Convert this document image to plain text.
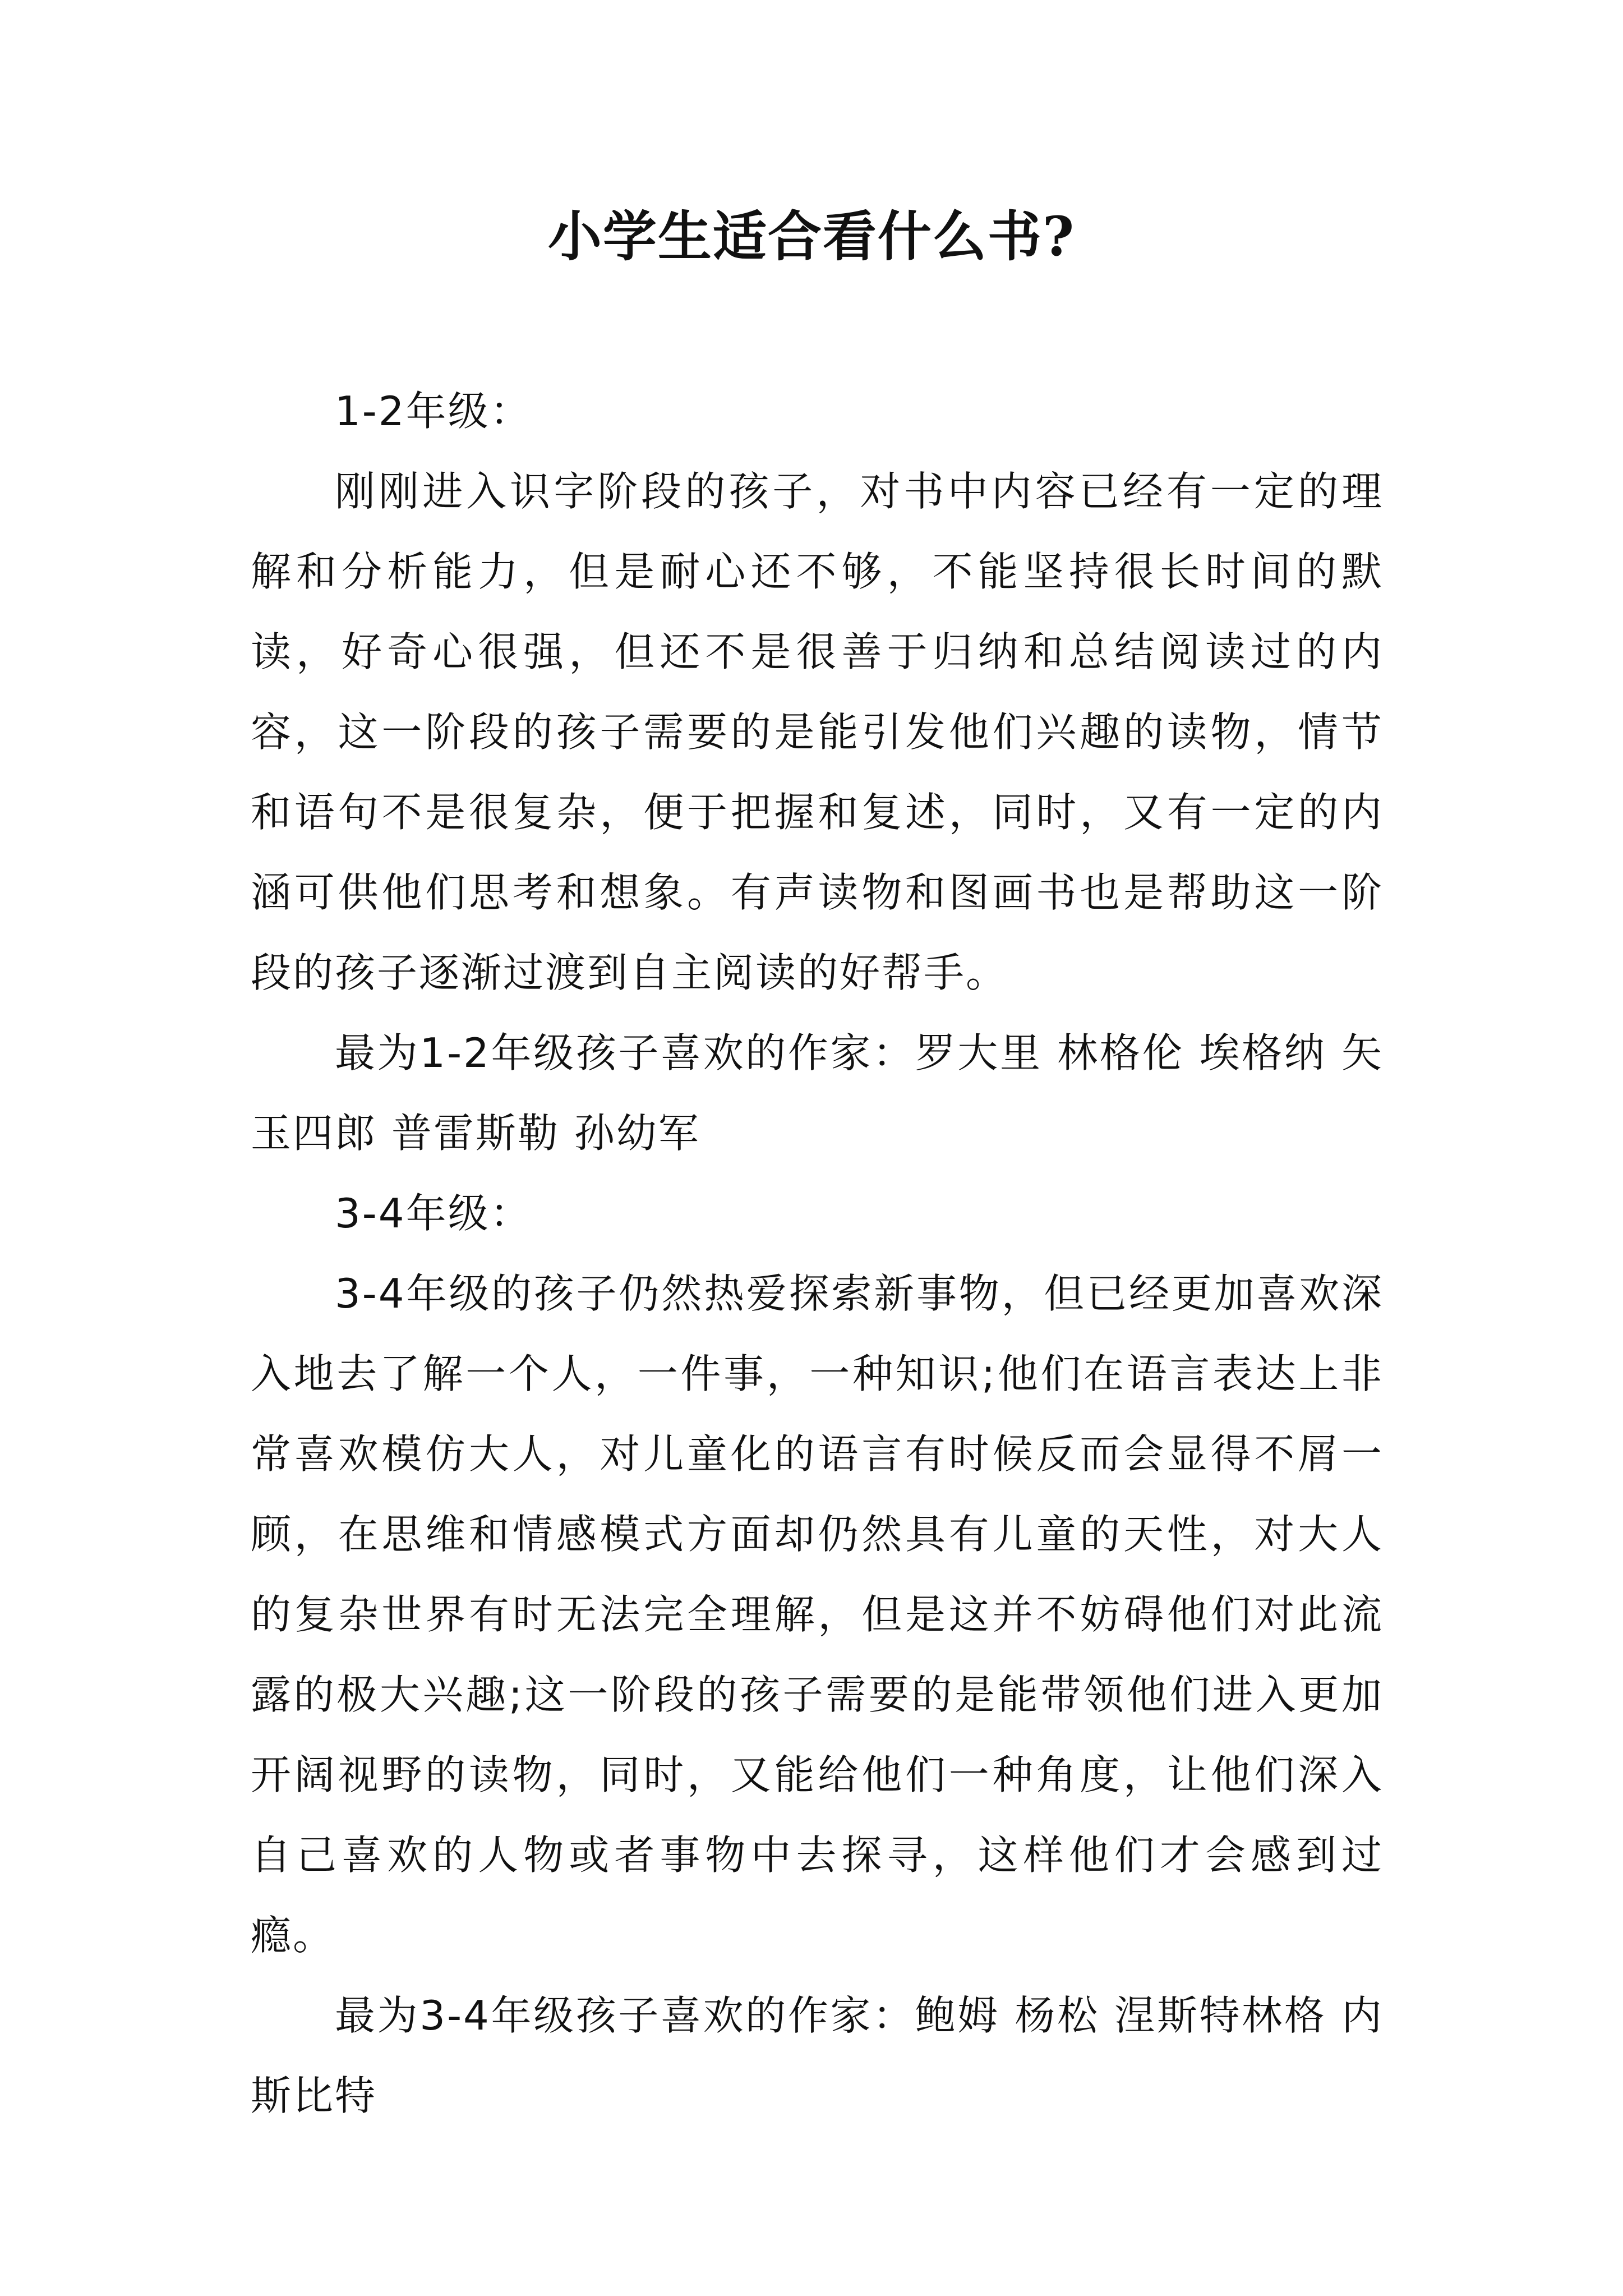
小学生适合看什么书?

1-2年级：

刚刚进入识字阶段的孩子，对书中内容已经有一定的理解和分析能力，但是耐心还不够，不能坚持很长时间的默读，好奇心很强，但还不是很善于归纳和总结阅读过的内容，这一阶段的孩子需要的是能引发他们兴趣的读物，情节和语句不是很复杂，便于把握和复述，同时，又有一定的内涵可供他们思考和想象。有声读物和图画书也是帮助这一阶段的孩子逐渐过渡到自主阅读的好帮手。

最为1-2年级孩子喜欢的作家：罗大里 林格伦 埃格纳 矢玉四郎 普雷斯勒 孙幼军

3-4年级：

3-4年级的孩子仍然热爱探索新事物，但已经更加喜欢深入地去了解一个人，一件事，一种知识;他们在语言表达上非常喜欢模仿大人，对儿童化的语言有时候反而会显得不屑一顾，在思维和情感模式方面却仍然具有儿童的天性，对大人的复杂世界有时无法完全理解，但是这并不妨碍他们对此流露的极大兴趣;这一阶段的孩子需要的是能带领他们进入更加开阔视野的读物，同时，又能给他们一种角度，让他们深入自己喜欢的人物或者事物中去探寻，这样他们才会感到过瘾。

最为3-4年级孩子喜欢的作家：鲍姆 杨松 涅斯特林格 内斯比特
